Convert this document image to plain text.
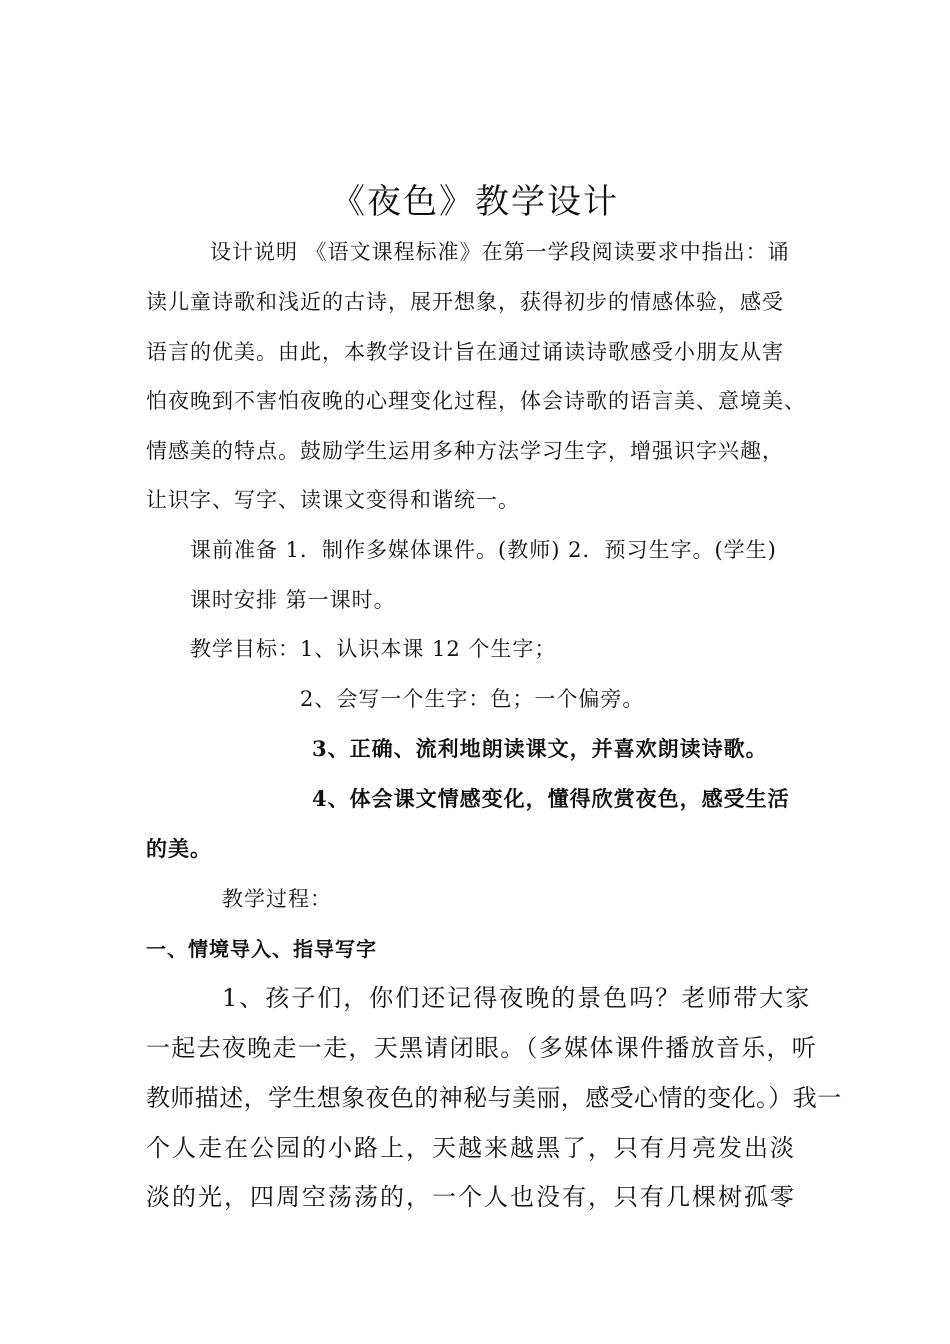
《夜色》教学设计
设计说明 《语文课程标准》在第一学段阅读要求中指出：诵
读儿童诗歌和浅近的古诗，展开想象，获得初步的情感体验，感受
语言的优美。由此，本教学设计旨在通过诵读诗歌感受小朋友从害
怕夜晚到不害怕夜晚的心理变化过程，体会诗歌的语言美、意境美、
情感美的特点。鼓励学生运用多种方法学习生字，增强识字兴趣，
让识字、写字、读课文变得和谐统一。
课前准备 1．制作多媒体课件。(教师) 2．预习生字。(学生)
课时安排 第一课时。
教学目标：1、认识本课 12 个生字；
2、会写一个生字：色；一个偏旁。
3、正确、流利地朗读课文，并喜欢朗读诗歌。
4、体会课文情感变化，懂得欣赏夜色，感受生活
的美。
教学过程：
一、情境导入、指导写字
1、孩子们，你们还记得夜晚的景色吗？老师带大家
一起去夜晚走一走，天黑请闭眼。（多媒体课件播放音乐，听
教师描述，学生想象夜色的神秘与美丽，感受心情的变化。）我一
个人走在公园的小路上，天越来越黑了，只有月亮发出淡
淡的光，四周空荡荡的，一个人也没有，只有几棵树孤零
